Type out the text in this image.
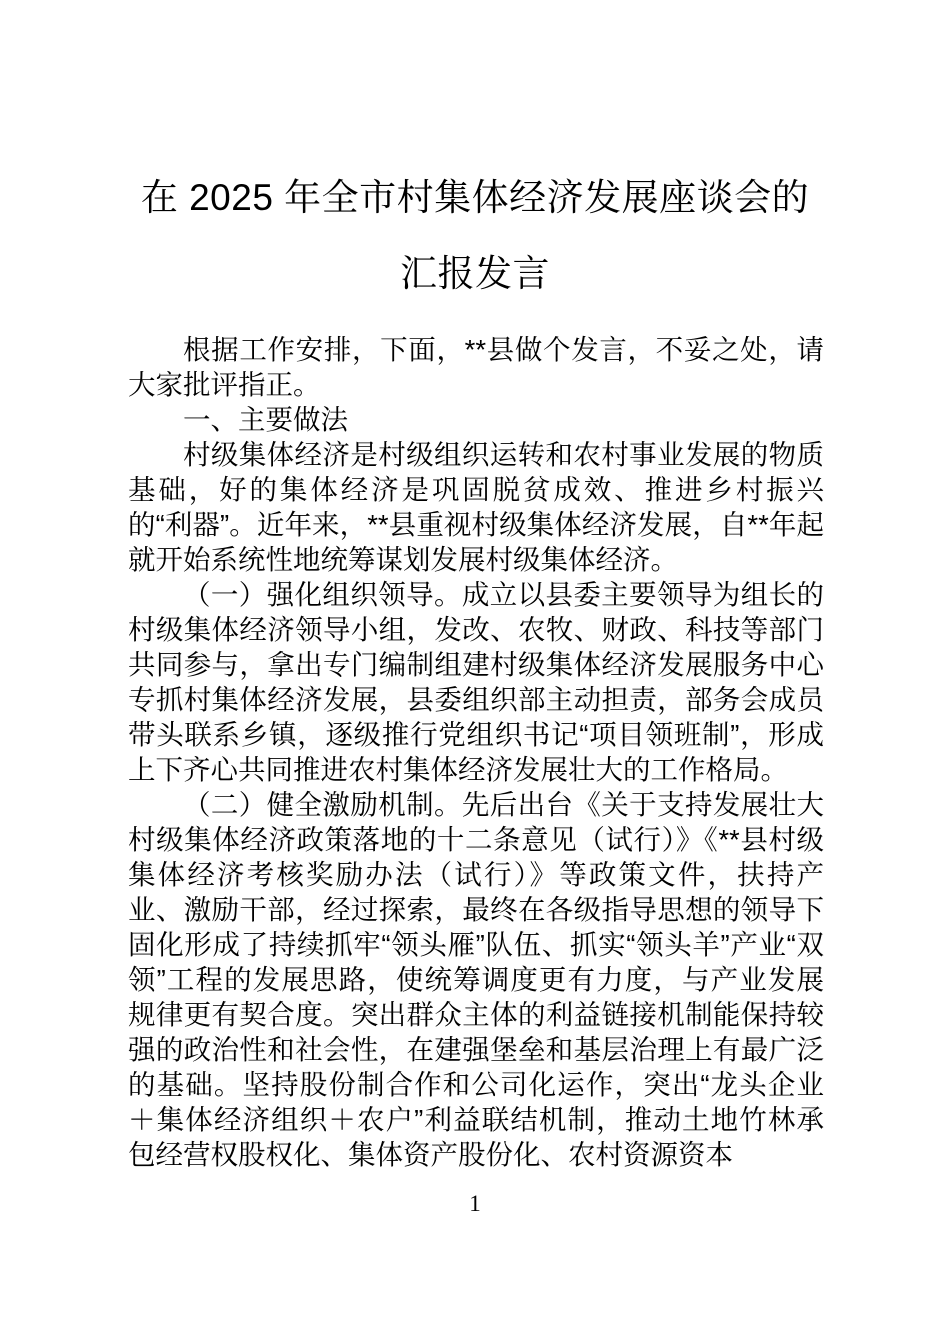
在 2025 年全市村集体经济发展座谈会的汇报发言

根据工作安排，下面，**县做个发言，不妥之处，请大家批评指正。

一、主要做法

村级集体经济是村级组织运转和农村事业发展的物质基础，好的集体经济是巩固脱贫成效、推进乡村振兴的“利器”。近年来，**县重视村级集体经济发展，自**年起就开始系统性地统筹谋划发展村级集体经济。

（一）强化组织领导。成立以县委主要领导为组长的村级集体经济领导小组，发改、农牧、财政、科技等部门共同参与，拿出专门编制组建村级集体经济发展服务中心专抓村集体经济发展，县委组织部主动担责，部务会成员带头联系乡镇，逐级推行党组织书记“项目领班制”，形成上下齐心共同推进农村集体经济发展壮大的工作格局。

（二）健全激励机制。先后出台《关于支持发展壮大村级集体经济政策落地的十二条意见（试行）》《**县村级集体经济考核奖励办法（试行）》等政策文件，扶持产业、激励干部，经过探索，最终在各级指导思想的领导下固化形成了持续抓牢“领头雁”队伍、抓实“领头羊”产业“双领”工程的发展思路，使统筹调度更有力度，与产业发展规律更有契合度。突出群众主体的利益链接机制能保持较强的政治性和社会性，在建强堡垒和基层治理上有最广泛的基础。坚持股份制合作和公司化运作，突出“龙头企业＋集体经济组织＋农户”利益联结机制，推动土地竹林承包经营权股权化、集体资产股份化、农村资源资本

1
